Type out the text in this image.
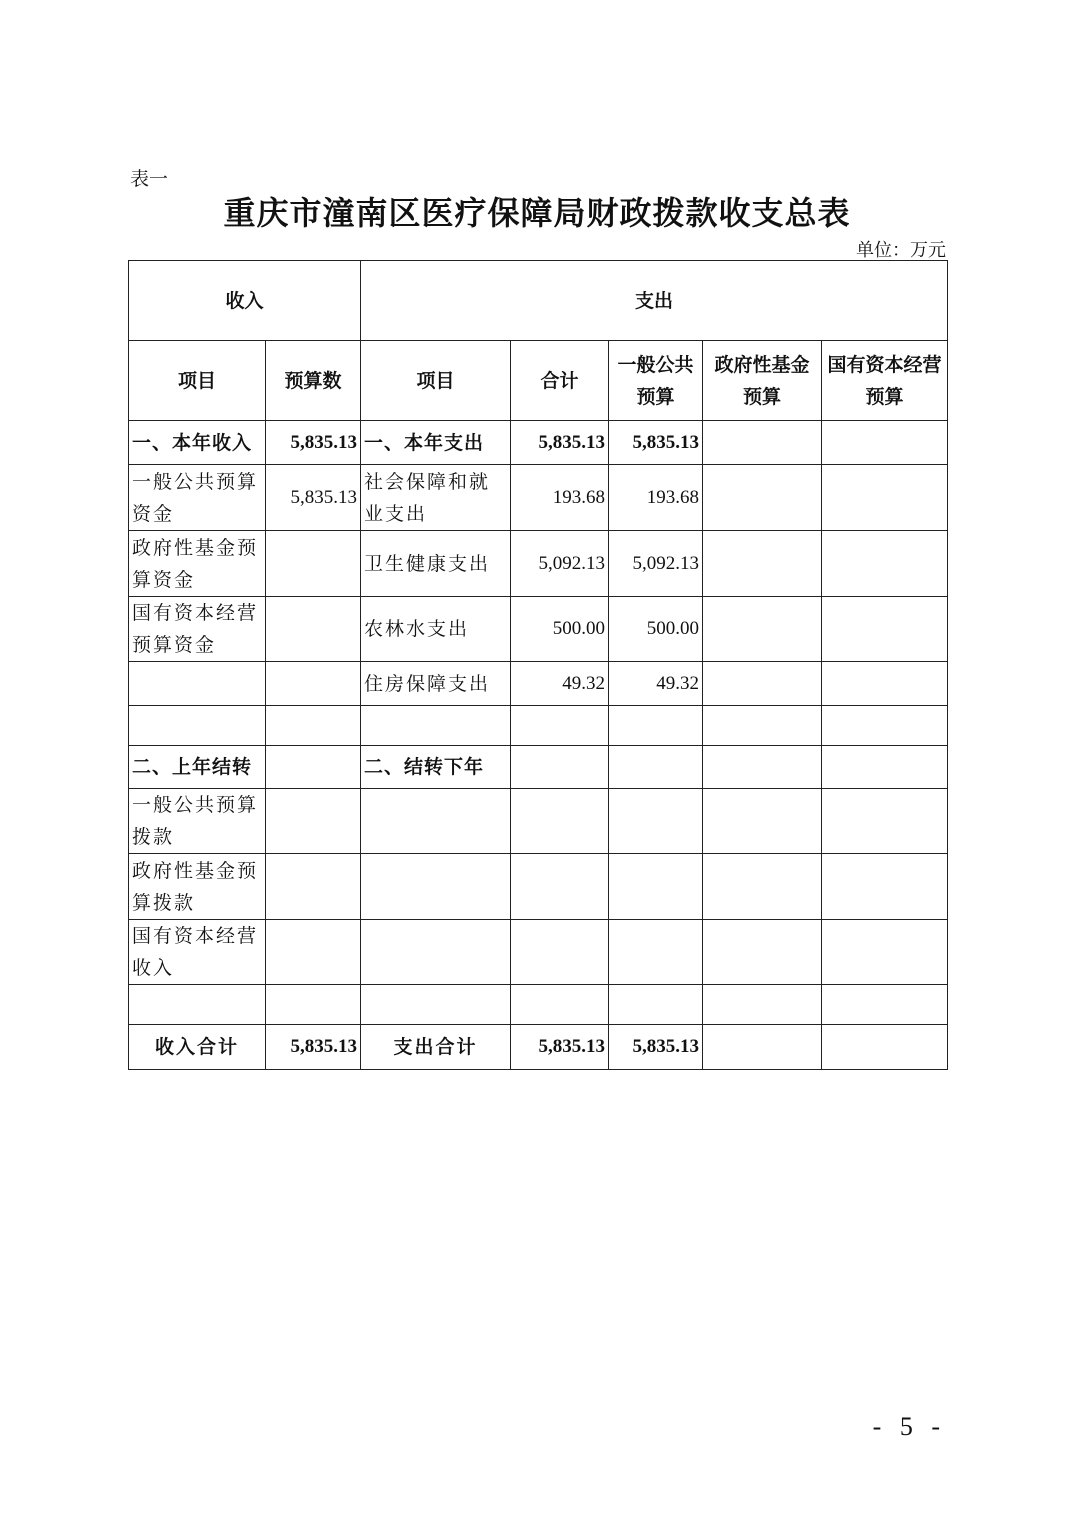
表一
重庆市潼南区医疗保障局财政拨款收支总表
单位：万元
收入		支出				
项目	预算数	项目	合计	一般公共预算	政府性基金预算	国有资本经营预算
一、本年收入	5,835.13	一、本年支出	5,835.13	5,835.13		
一般公共预算资金	5,835.13	社会保障和就业支出	193.68	193.68		
政府性基金预算资金		卫生健康支出	5,092.13	5,092.13		
国有资本经营预算资金		农林水支出	500.00	500.00		
		住房保障支出	49.32	49.32		

二、上年结转		二、结转下年				
一般公共预算拨款						
政府性基金预算拨款						
国有资本经营收入						

收入合计	5,835.13	支出合计	5,835.13	5,835.13		
- 5 -
